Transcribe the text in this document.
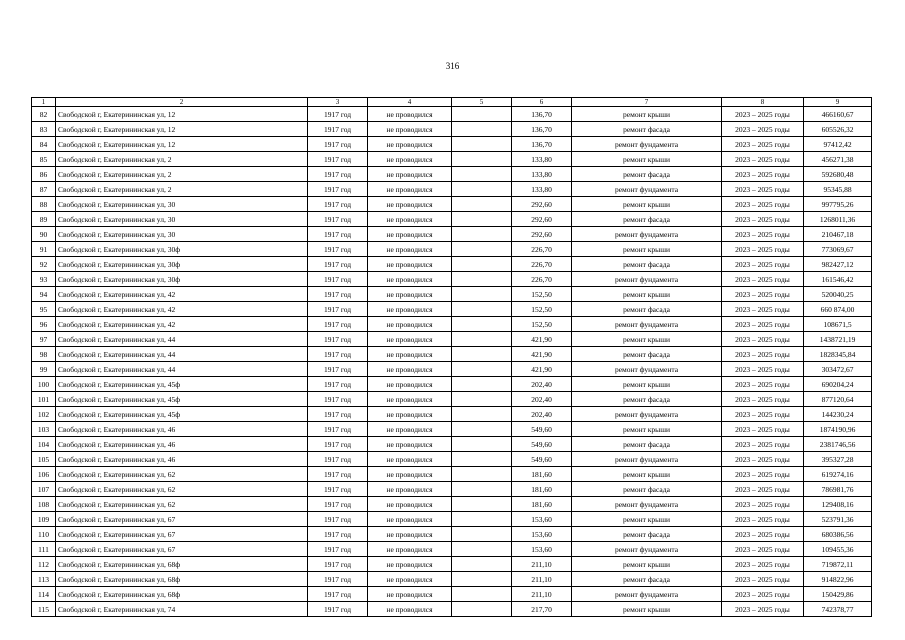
316
1	2	3	4	5	6	7	8	9
82	Свободской г, Екатерининская ул, 12	1917 год	не проводился		136,70	ремонт крыши	2023 – 2025 годы	466160,67
83	Свободской г, Екатерининская ул, 12	1917 год	не проводился		136,70	ремонт фасада	2023 – 2025 годы	605526,32
84	Свободской г, Екатерининская ул, 12	1917 год	не проводился		136,70	ремонт фундамента	2023 – 2025 годы	97412,42
85	Свободской г, Екатерининская ул, 2	1917 год	не проводился		133,80	ремонт крыши	2023 – 2025 годы	456271,38
86	Свободской г, Екатерининская ул, 2	1917 год	не проводился		133,80	ремонт фасада	2023 – 2025 годы	592680,48
87	Свободской г, Екатерининская ул, 2	1917 год	не проводился		133,80	ремонт фундамента	2023 – 2025 годы	95345,88
88	Свободской г, Екатерининская ул, 30	1917 год	не проводился		292,60	ремонт крыши	2023 – 2025 годы	997795,26
89	Свободской г, Екатерининская ул, 30	1917 год	не проводился		292,60	ремонт фасада	2023 – 2025 годы	1268011,36
90	Свободской г, Екатерининская ул, 30	1917 год	не проводился		292,60	ремонт фундамента	2023 – 2025 годы	210467,18
91	Свободской г, Екатерининская ул, 30ф	1917 год	не проводился		226,70	ремонт крыши	2023 – 2025 годы	773069,67
92	Свободской г, Екатерининская ул, 30ф	1917 год	не проводился		226,70	ремонт фасада	2023 – 2025 годы	982427,12
93	Свободской г, Екатерининская ул, 30ф	1917 год	не проводился		226,70	ремонт фундамента	2023 – 2025 годы	161546,42
94	Свободской г, Екатерининская ул, 42	1917 год	не проводился		152,50	ремонт крыши	2023 – 2025 годы	520040,25
95	Свободской г, Екатерининская ул, 42	1917 год	не проводился		152,50	ремонт фасада	2023 – 2025 годы	660 874,00
96	Свободской г, Екатерининская ул, 42	1917 год	не проводился		152,50	ремонт фундамента	2023 – 2025 годы	108671,5
97	Свободской г, Екатерининская ул, 44	1917 год	не проводился		421,90	ремонт крыши	2023 – 2025 годы	1438721,19
98	Свободской г, Екатерининская ул, 44	1917 год	не проводился		421,90	ремонт фасада	2023 – 2025 годы	1828345,84
99	Свободской г, Екатерининская ул, 44	1917 год	не проводился		421,90	ремонт фундамента	2023 – 2025 годы	303472,67
100	Свободской г, Екатерининская ул, 45ф	1917 год	не проводился		202,40	ремонт крыши	2023 – 2025 годы	690204,24
101	Свободской г, Екатерининская ул, 45ф	1917 год	не проводился		202,40	ремонт фасада	2023 – 2025 годы	877120,64
102	Свободской г, Екатерининская ул, 45ф	1917 год	не проводился		202,40	ремонт фундамента	2023 – 2025 годы	144230,24
103	Свободской г, Екатерининская ул, 46	1917 год	не проводился		549,60	ремонт крыши	2023 – 2025 годы	1874190,96
104	Свободской г, Екатерининская ул, 46	1917 год	не проводился		549,60	ремонт фасада	2023 – 2025 годы	2381746,56
105	Свободской г, Екатерининская ул, 46	1917 год	не проводился		549,60	ремонт фундамента	2023 – 2025 годы	395327,28
106	Свободской г, Екатерининская ул, 62	1917 год	не проводился		181,60	ремонт крыши	2023 – 2025 годы	619274,16
107	Свободской г, Екатерининская ул, 62	1917 год	не проводился		181,60	ремонт фасада	2023 – 2025 годы	786981,76
108	Свободской г, Екатерининская ул, 62	1917 год	не проводился		181,60	ремонт фундамента	2023 – 2025 годы	129408,16
109	Свободской г, Екатерининская ул, 67	1917 год	не проводился		153,60	ремонт крыши	2023 – 2025 годы	523791,36
110	Свободской г, Екатерининская ул, 67	1917 год	не проводился		153,60	ремонт фасада	2023 – 2025 годы	680386,56
111	Свободской г, Екатерининская ул, 67	1917 год	не проводился		153,60	ремонт фундамента	2023 – 2025 годы	109455,36
112	Свободской г, Екатерининская ул, 68ф	1917 год	не проводился		211,10	ремонт крыши	2023 – 2025 годы	719872,11
113	Свободской г, Екатерининская ул, 68ф	1917 год	не проводился		211,10	ремонт фасада	2023 – 2025 годы	914822,96
114	Свободской г, Екатерининская ул, 68ф	1917 год	не проводился		211,10	ремонт фундамента	2023 – 2025 годы	150429,86
115	Свободской г, Екатерининская ул, 74	1917 год	не проводился		217,70	ремонт крыши	2023 – 2025 годы	742378,77
